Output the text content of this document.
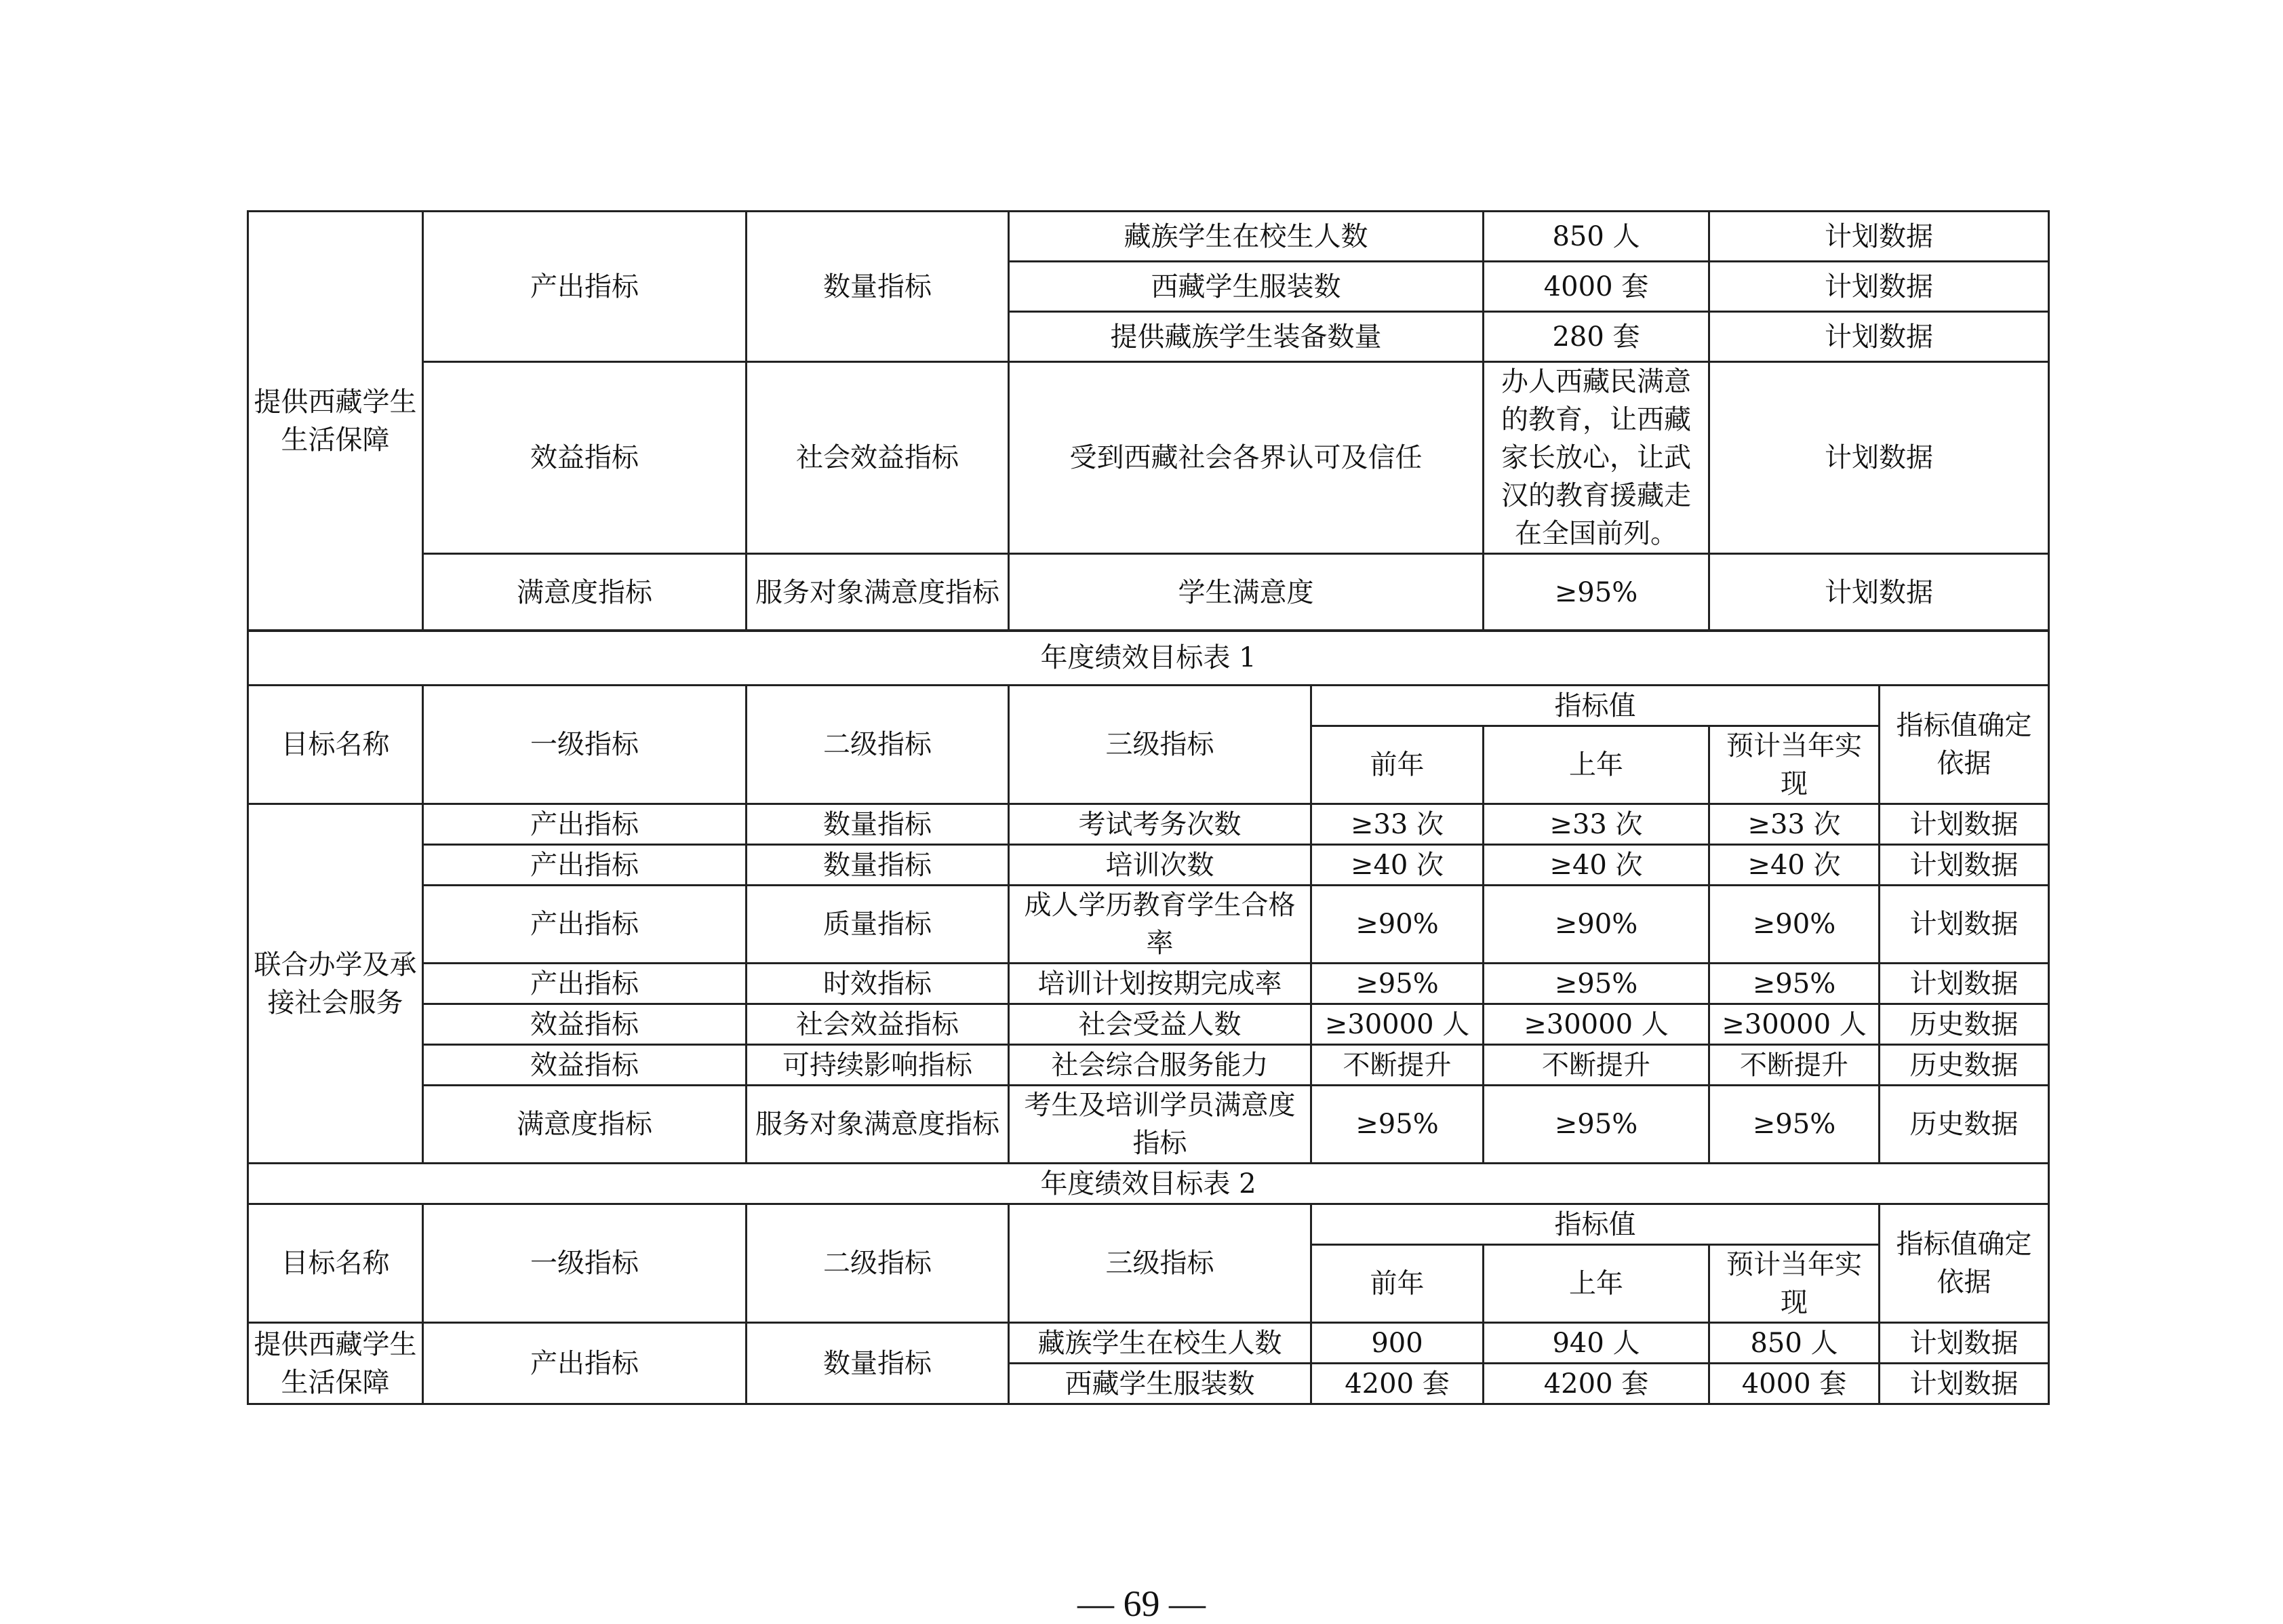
提供西藏学生生活保障	产出指标	数量指标	藏族学生在校生人数	850 人	计划数据
			西藏学生服装数	4000 套	计划数据
			提供藏族学生装备数量	280 套	计划数据
	效益指标	社会效益指标	受到西藏社会各界认可及信任	办人西藏民满意的教育，让西藏家长放心，让武汉的教育援藏走在全国前列。	计划数据
	满意度指标	服务对象满意度指标	学生满意度	≥95%	计划数据
年度绩效目标表 1							
目标名称	一级指标	二级指标	三级指标	指标值			指标值确定依据
				前年	上年	预计当年实现	
联合办学及承接社会服务	产出指标	数量指标	考试考务次数	≥33 次	≥33 次	≥33 次	计划数据
	产出指标	数量指标	培训次数	≥40 次	≥40 次	≥40 次	计划数据
	产出指标	质量指标	成人学历教育学生合格率	≥90%	≥90%	≥90%	计划数据
	产出指标	时效指标	培训计划按期完成率	≥95%	≥95%	≥95%	计划数据
	效益指标	社会效益指标	社会受益人数	≥30000 人	≥30000 人	≥30000 人	历史数据
	效益指标	可持续影响指标	社会综合服务能力	不断提升	不断提升	不断提升	历史数据
	满意度指标	服务对象满意度指标	考生及培训学员满意度指标	≥95%	≥95%	≥95%	历史数据
年度绩效目标表 2							
目标名称	一级指标	二级指标	三级指标	指标值			指标值确定依据
				前年	上年	预计当年实现	
提供西藏学生生活保障	产出指标	数量指标	藏族学生在校生人数	900	940 人	850 人	计划数据
			西藏学生服装数	4200 套	4200 套	4000 套	计划数据
— 69 —
